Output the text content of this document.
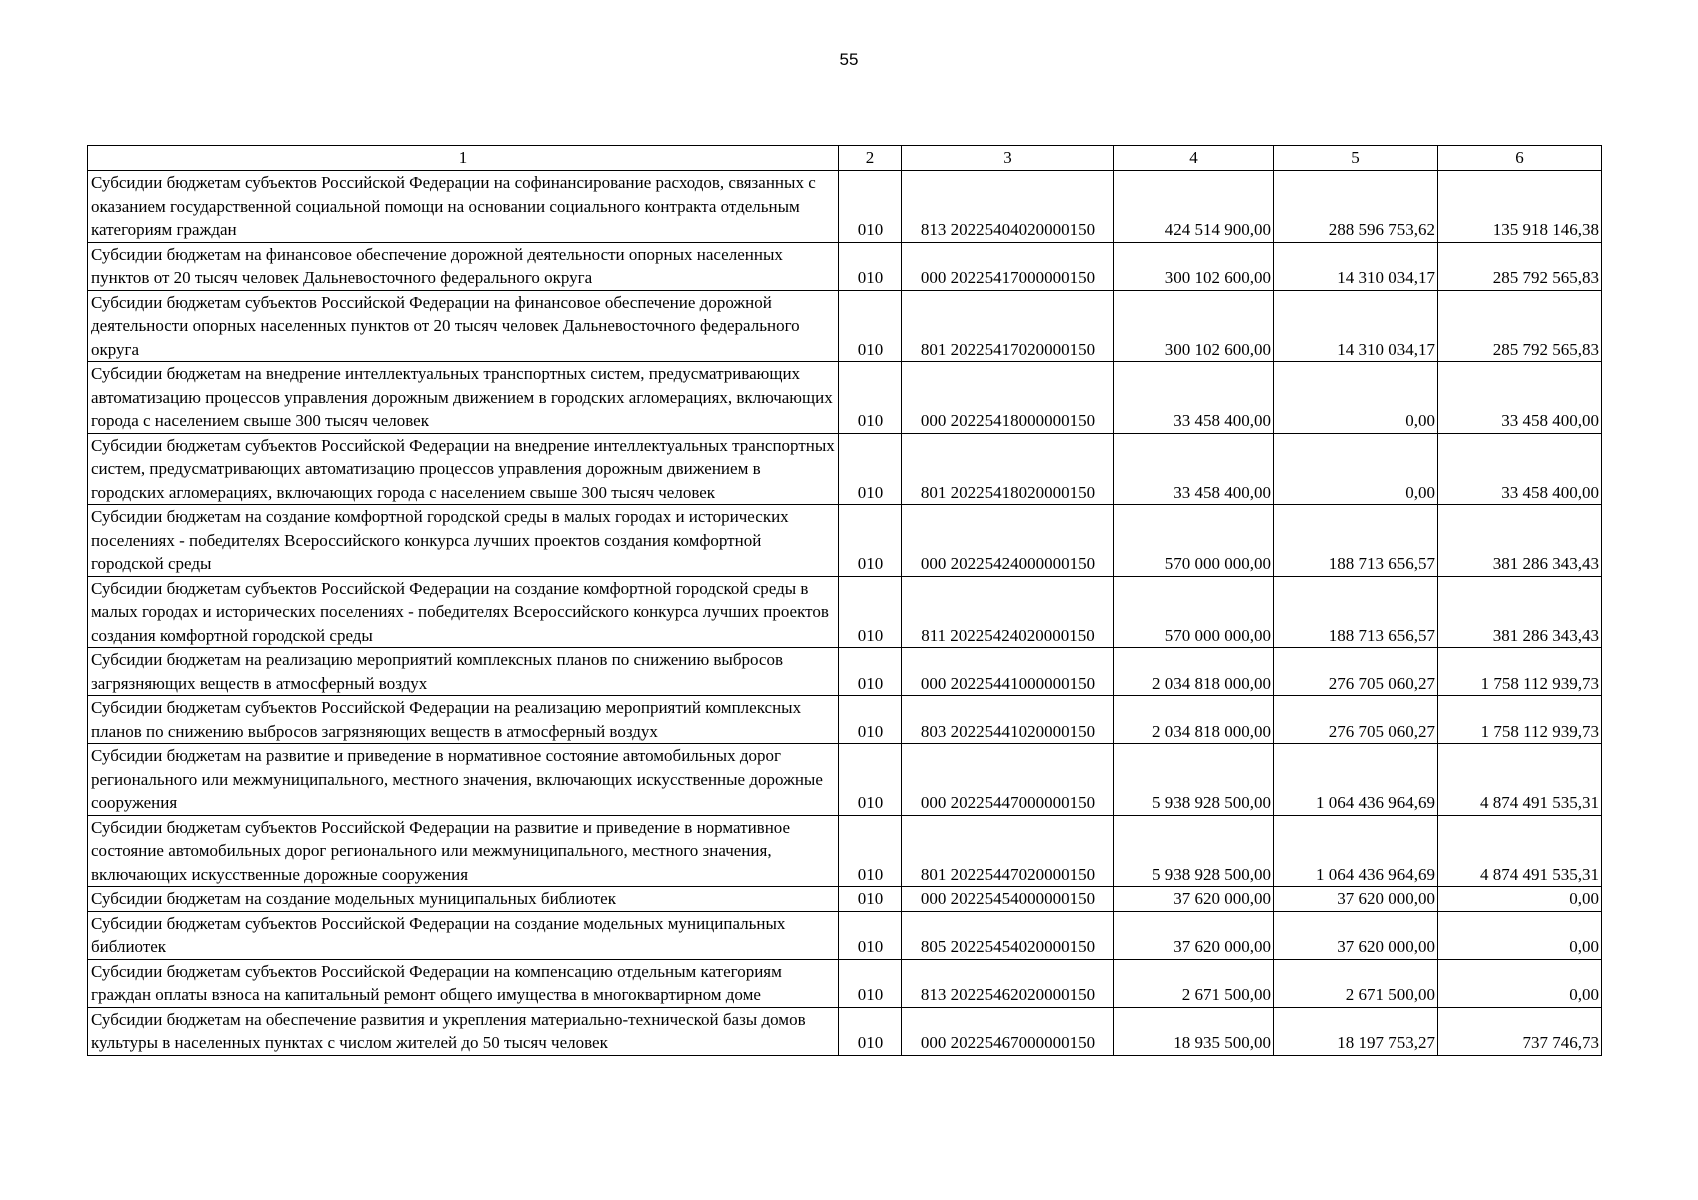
55
1	2	3	4	5	6
Субсидии бюджетам субъектов Российской Федерации на софинансирование расходов, связанных с оказанием государственной социальной помощи на основании социального контракта отдельным категориям граждан	010	813 20225404020000150	424 514 900,00	288 596 753,62	135 918 146,38
Субсидии бюджетам на финансовое обеспечение дорожной деятельности опорных населенных пунктов от 20 тысяч человек Дальневосточного федерального округа	010	000 20225417000000150	300 102 600,00	14 310 034,17	285 792 565,83
Субсидии бюджетам субъектов Российской Федерации на финансовое обеспечение дорожной деятельности опорных населенных пунктов от 20 тысяч человек Дальневосточного федерального округа	010	801 20225417020000150	300 102 600,00	14 310 034,17	285 792 565,83
Субсидии бюджетам на внедрение интеллектуальных транспортных систем, предусматривающих автоматизацию процессов управления дорожным движением в городских агломерациях, включающих города с населением свыше 300 тысяч человек	010	000 20225418000000150	33 458 400,00	0,00	33 458 400,00
Субсидии бюджетам субъектов Российской Федерации на внедрение интеллектуальных транспортных систем, предусматривающих автоматизацию процессов управления дорожным движением в городских агломерациях, включающих города с населением свыше 300 тысяч человек	010	801 20225418020000150	33 458 400,00	0,00	33 458 400,00
Субсидии бюджетам на создание комфортной городской среды в малых городах и исторических поселениях - победителях Всероссийского конкурса лучших проектов создания комфортной городской среды	010	000 20225424000000150	570 000 000,00	188 713 656,57	381 286 343,43
Субсидии бюджетам субъектов Российской Федерации на создание комфортной городской среды в малых городах и исторических поселениях - победителях Всероссийского конкурса лучших проектов создания комфортной городской среды	010	811 20225424020000150	570 000 000,00	188 713 656,57	381 286 343,43
Субсидии бюджетам на реализацию мероприятий комплексных планов по снижению выбросов загрязняющих веществ в атмосферный воздух	010	000 20225441000000150	2 034 818 000,00	276 705 060,27	1 758 112 939,73
Субсидии бюджетам субъектов Российской Федерации на реализацию мероприятий комплексных планов по снижению выбросов загрязняющих веществ в атмосферный воздух	010	803 20225441020000150	2 034 818 000,00	276 705 060,27	1 758 112 939,73
Субсидии бюджетам на развитие и приведение в нормативное состояние автомобильных дорог регионального или межмуниципального, местного значения, включающих искусственные дорожные сооружения	010	000 20225447000000150	5 938 928 500,00	1 064 436 964,69	4 874 491 535,31
Субсидии бюджетам субъектов Российской Федерации на развитие и приведение в нормативное состояние автомобильных дорог регионального или межмуниципального, местного значения, включающих искусственные дорожные сооружения	010	801 20225447020000150	5 938 928 500,00	1 064 436 964,69	4 874 491 535,31
Субсидии бюджетам на создание модельных муниципальных библиотек	010	000 20225454000000150	37 620 000,00	37 620 000,00	0,00
Субсидии бюджетам субъектов Российской Федерации на создание модельных муниципальных библиотек	010	805 20225454020000150	37 620 000,00	37 620 000,00	0,00
Субсидии бюджетам субъектов Российской Федерации на компенсацию отдельным категориям граждан оплаты взноса на капитальный ремонт общего имущества в многоквартирном доме	010	813 20225462020000150	2 671 500,00	2 671 500,00	0,00
Субсидии бюджетам на обеспечение развития и укрепления материально-технической базы домов культуры в населенных пунктах с числом жителей до 50 тысяч человек	010	000 20225467000000150	18 935 500,00	18 197 753,27	737 746,73
